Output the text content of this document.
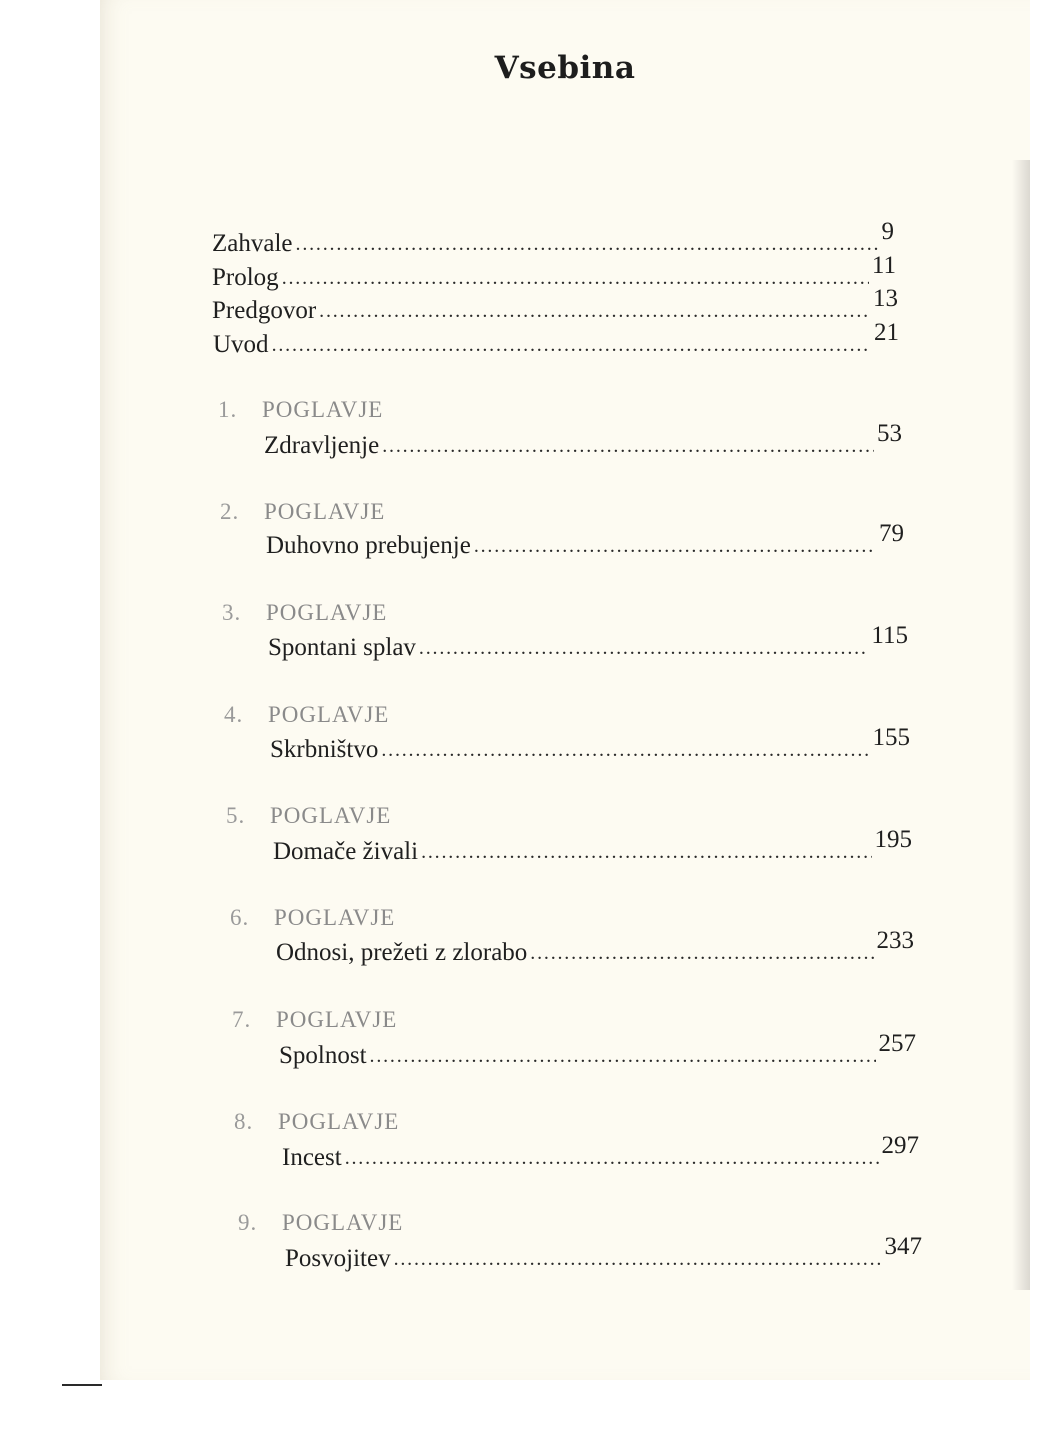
Vsebina
Zahvale . . .	9
Prolog . . .	11
Predgovor . . .	13
Uvod . . .	21
1. POGLAVJE
Zdravljenje . . .	53
2. POGLAVJE
Duhovno prebujenje . . .	79
3. POGLAVJE
Spontani splav . . .	115
4. POGLAVJE
Skrbništvo . . .	155
5. POGLAVJE
Domače živali . . .	195
6. POGLAVJE
Odnosi, prežeti z zlorabo . . .	233
7. POGLAVJE
Spolnost . . .	257
8. POGLAVJE
Incest . . .	297
9. POGLAVJE
Posvojitev . . .	347
